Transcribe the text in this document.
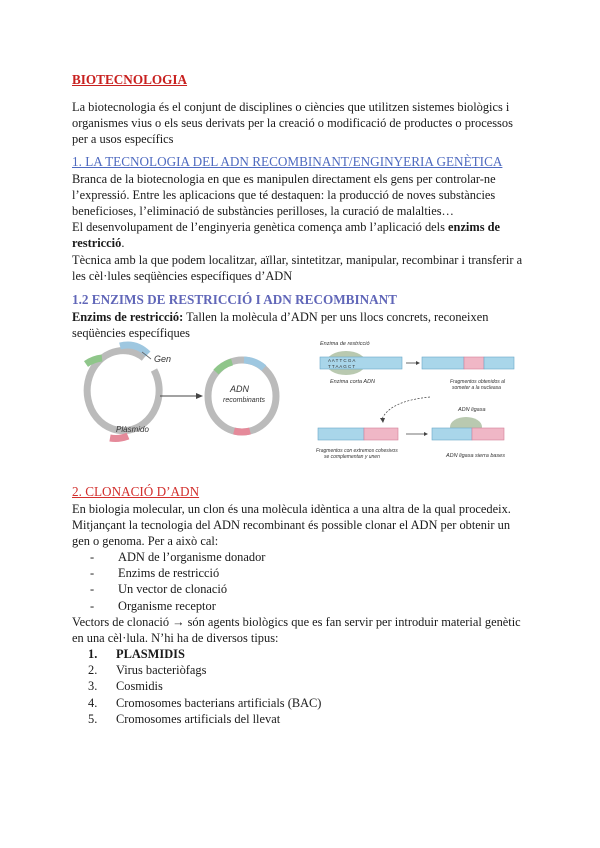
BIOTECNOLOGIA

La biotecnologia és el conjunt de disciplines o ciències que utilitzen sistemes biològics i organismes vius o els seus derivats per la creació o modificació de productes o processos per a usos específics

1. LA TECNOLOGIA DEL ADN RECOMBINANT/ENGINYERIA GENÈTICA

Branca de la biotecnologia en que es manipulen directament els gens per controlar-ne l’expressió. Entre les aplicacions que té destaquen: la producció de noves substàncies beneficioses, l’eliminació de substàncies perilloses, la curació de malalties…

El desenvolupament de l’enginyeria genètica comença amb l’aplicació dels enzims de restricció.

Tècnica amb la que podem localitzar, aïllar, sintetitzar, manipular, recombinar i transferir a les cèl·lules seqüències específiques d’ADN

1.2 ENZIMS DE RESTRICCIÓ I ADN RECOMBINANT

Enzims de restricció: Tallen la molècula d’ADN per uns llocs concrets, reconeixen seqüències específiques

Gen
Plàsmido
ADN
recombinants
Enzima de restricció
A A T T C G A
T T A A G C T
Enzima corta ADN	Fragmentos obtenidos al
someter a la nucleasa
Fragmentos con extremos cohesivos
se complementan y unen
ADN ligasa
ADN ligasa sierra bases
2. CLONACIÓ D’ADN

En biologia molecular, un clon és una molècula idèntica a una altra de la qual procedeix.

Mitjançant la tecnologia del ADN recombinant és possible clonar el ADN per obtenir un gen o genoma. Per a això cal:

- ADN de l’organisme donador
- Enzims de restricció
- Un vector de clonació
- Organisme receptor

Vectors de clonació → són agents biològics que es fan servir per introduir material genètic en una cèl·lula. N’hi ha de diversos tipus:

1. PLASMIDIS
2. Virus bacteriòfags
3. Cosmidis
4. Cromosomes bacterians artificials (BAC)
5. Cromosomes artificials del llevat
